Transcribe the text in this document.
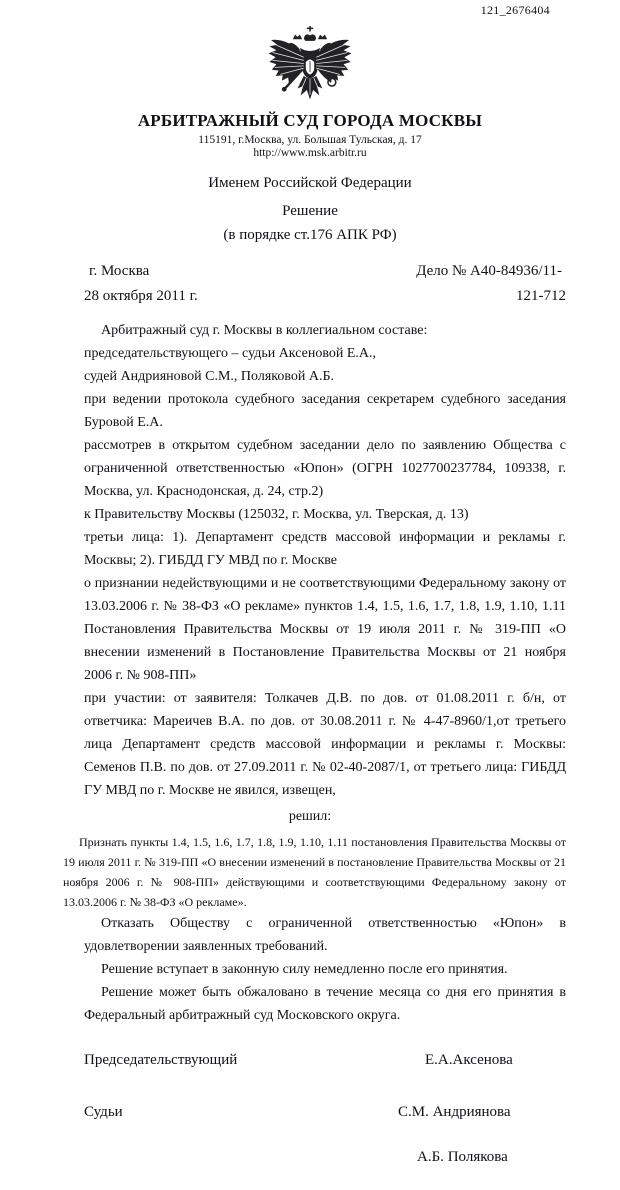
121_2676404
АРБИТРАЖНЫЙ СУД ГОРОДА МОСКВЫ
115191, г.Москва, ул. Большая Тульская, д. 17
http://www.msk.arbitr.ru

Именем Российской Федерации

Решение

(в порядке ст.176 АПК РФ)

г. Москва	Дело № А40-84936/11-
28 октября 2011 г.	121-712

Арбитражный суд г. Москвы в коллегиальном составе:

председательствующего – судьи Аксеновой Е.А.,

судей Андрияновой С.М., Поляковой А.Б.

при ведении протокола судебного заседания секретарем судебного заседания Буровой Е.А.

рассмотрев в открытом судебном заседании дело по заявлению Общества с ограниченной ответственностью «Юпон» (ОГРН 1027700237784, 109338, г. Москва, ул. Краснодонская, д. 24, стр.2)

к Правительству Москвы (125032, г. Москва, ул. Тверская, д. 13)

третьи лица: 1). Департамент средств массовой информации и рекламы г. Москвы; 2). ГИБДД ГУ МВД по г. Москве

о признании недействующими и не соответствующими Федеральному закону от 13.03.2006 г. № 38-ФЗ «О рекламе» пунктов 1.4, 1.5, 1.6, 1.7, 1.8, 1.9, 1.10, 1.11 Постановления Правительства Москвы от 19 июля 2011 г. № 319-ПП «О внесении изменений в Постановление Правительства Москвы от 21 ноября 2006 г. № 908-ПП»

при участии: от заявителя: Толкачев Д.В. по дов. от 01.08.2011 г. б/н, от ответчика: Мареичев В.А. по дов. от 30.08.2011 г. № 4-47-8960/1,от третьего лица Департамент средств массовой информации и рекламы г. Москвы: Семенов П.В. по дов. от 27.09.2011 г. № 02-40-2087/1, от третьего лица: ГИБДД ГУ МВД по г. Москве не явился, извещен,

решил:

Признать пункты 1.4, 1.5, 1.6, 1.7, 1.8, 1.9, 1.10, 1.11 постановления Правительства Москвы от 19 июля 2011 г. № 319-ПП «О внесении изменений в постановление Правительства Москвы от 21 ноября 2006 г. № 908-ПП» действующими и соответствующими Федеральному закону от 13.03.2006 г. № 38-ФЗ «О рекламе».

Отказать Обществу с ограниченной ответственностью «Юпон» в удовлетворении заявленных требований.

Решение вступает в законную силу немедленно после его принятия.

Решение может быть обжаловано в течение месяца со дня его принятия в Федеральный арбитражный суд Московского округа.

Председательствующий	Е.А.Аксенова
Судьи	С.М. Андриянова
А.Б. Полякова
